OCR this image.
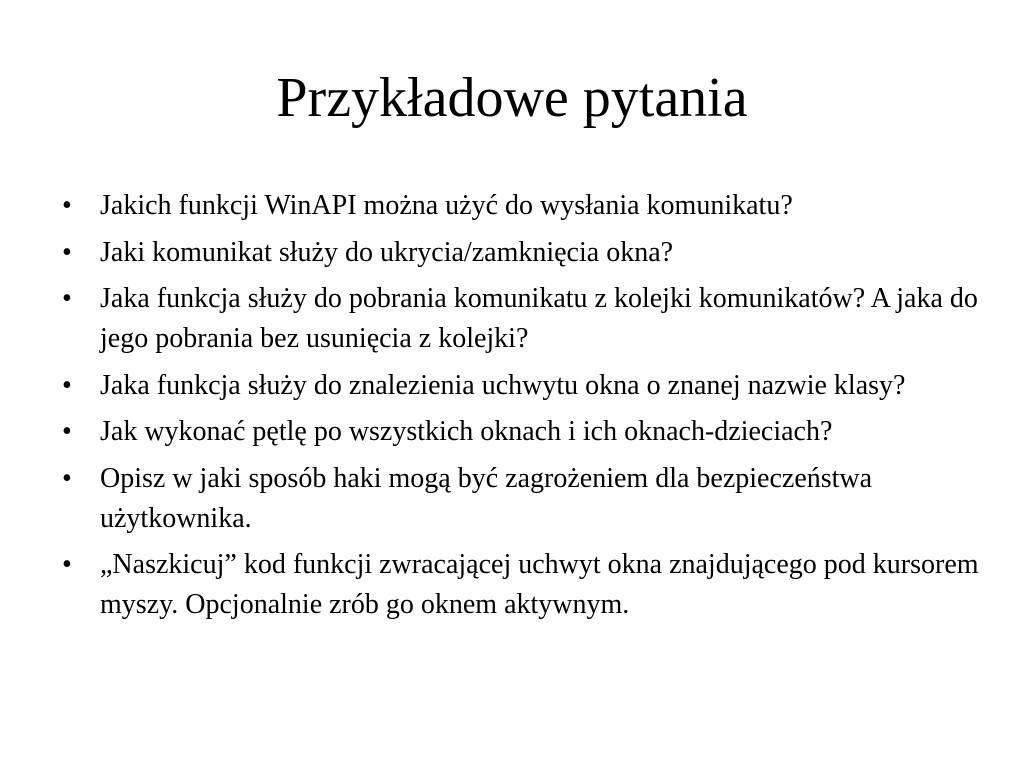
Przykładowe pytania
•	Jakich funkcji WinAPI można użyć do wysłania komunikatu?
•	Jaki komunikat służy do ukrycia/zamknięcia okna?
•	Jaka funkcja służy do pobrania komunikatu z kolejki komunikatów? A jaka do jego pobrania bez usunięcia z kolejki?
•	Jaka funkcja służy do znalezienia uchwytu okna o znanej nazwie klasy?
•	Jak wykonać pętlę po wszystkich oknach i ich oknach-dzieciach?
•	Opisz w jaki sposób haki mogą być zagrożeniem dla bezpieczeństwa użytkownika.
•	„Naszkicuj” kod funkcji zwracającej uchwyt okna znajdującego pod kursorem myszy. Opcjonalnie zrób go oknem aktywnym.
